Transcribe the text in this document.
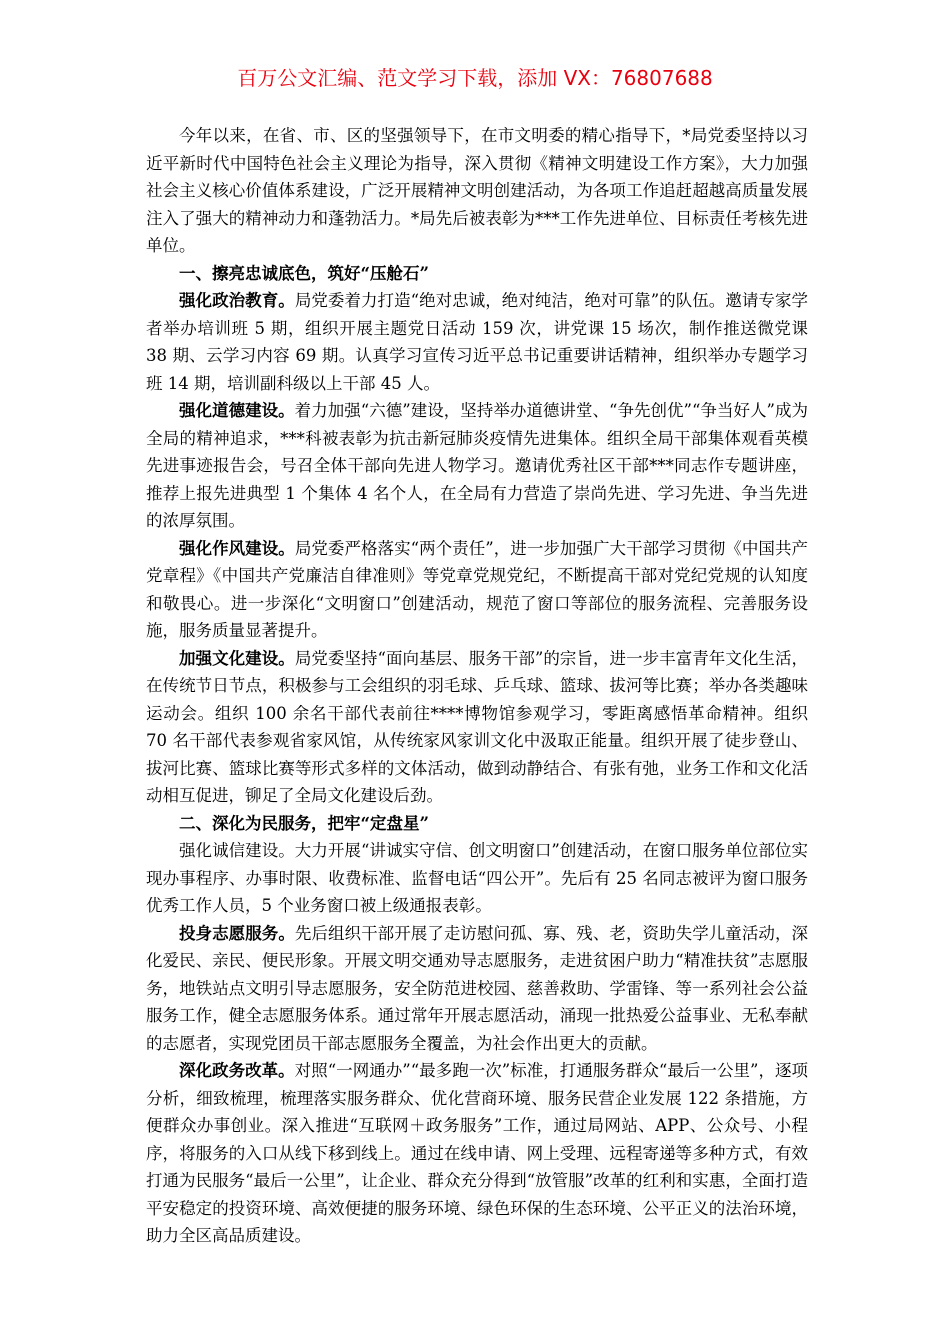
百万公文汇编、范文学习下载，添加 VX：76807688

今年以来，在省、市、区的坚强领导下，在市文明委的精心指导下，*局党委坚持以习近平新时代中国特色社会主义理论为指导，深入贯彻《精神文明建设工作方案》，大力加强社会主义核心价值体系建设，广泛开展精神文明创建活动，为各项工作追赶超越高质量发展注入了强大的精神动力和蓬勃活力。*局先后被表彰为***工作先进单位、目标责任考核先进单位。

一、擦亮忠诚底色，筑好“压舱石”

强化政治教育。局党委着力打造“绝对忠诚，绝对纯洁，绝对可靠”的队伍。邀请专家学者举办培训班 5 期，组织开展主题党日活动 159 次，讲党课 15 场次，制作推送微党课 38 期、云学习内容 69 期。认真学习宣传习近平总书记重要讲话精神，组织举办专题学习班 14 期，培训副科级以上干部 45 人。

强化道德建设。着力加强“六德”建设，坚持举办道德讲堂、“争先创优”“争当好人”成为全局的精神追求，***科被表彰为抗击新冠肺炎疫情先进集体。组织全局干部集体观看英模先进事迹报告会，号召全体干部向先进人物学习。邀请优秀社区干部***同志作专题讲座，推荐上报先进典型 1 个集体 4 名个人，在全局有力营造了崇尚先进、学习先进、争当先进的浓厚氛围。

强化作风建设。局党委严格落实“两个责任”，进一步加强广大干部学习贯彻《中国共产党章程》《中国共产党廉洁自律准则》等党章党规党纪，不断提高干部对党纪党规的认知度和敬畏心。进一步深化“文明窗口”创建活动，规范了窗口等部位的服务流程、完善服务设施，服务质量显著提升。

加强文化建设。局党委坚持“面向基层、服务干部”的宗旨，进一步丰富青年文化生活，在传统节日节点，积极参与工会组织的羽毛球、乒乓球、篮球、拔河等比赛；举办各类趣味运动会。组织 100 余名干部代表前往****博物馆参观学习，零距离感悟革命精神。组织 70 名干部代表参观省家风馆，从传统家风家训文化中汲取正能量。组织开展了徒步登山、拔河比赛、篮球比赛等形式多样的文体活动，做到动静结合、有张有弛，业务工作和文化活动相互促进，铆足了全局文化建设后劲。

二、深化为民服务，把牢“定盘星”

强化诚信建设。大力开展“讲诚实守信、创文明窗口”创建活动，在窗口服务单位部位实现办事程序、办事时限、收费标准、监督电话“四公开”。先后有 25 名同志被评为窗口服务优秀工作人员，5 个业务窗口被上级通报表彰。

投身志愿服务。先后组织干部开展了走访慰问孤、寡、残、老，资助失学儿童活动，深化爱民、亲民、便民形象。开展文明交通劝导志愿服务，走进贫困户助力“精准扶贫”志愿服务，地铁站点文明引导志愿服务，安全防范进校园、慈善救助、学雷锋、等一系列社会公益服务工作，健全志愿服务体系。通过常年开展志愿活动，涌现一批热爱公益事业、无私奉献的志愿者，实现党团员干部志愿服务全覆盖，为社会作出更大的贡献。

深化政务改革。对照“一网通办”“最多跑一次”标准，打通服务群众“最后一公里”，逐项分析，细致梳理，梳理落实服务群众、优化营商环境、服务民营企业发展 122 条措施，方便群众办事创业。深入推进“互联网＋政务服务”工作，通过局网站、APP、公众号、小程序，将服务的入口从线下移到线上。通过在线申请、网上受理、远程寄递等多种方式，有效打通为民服务“最后一公里”，让企业、群众充分得到“放管服”改革的红利和实惠，全面打造平安稳定的投资环境、高效便捷的服务环境、绿色环保的生态环境、公平正义的法治环境，助力全区高品质建设。
